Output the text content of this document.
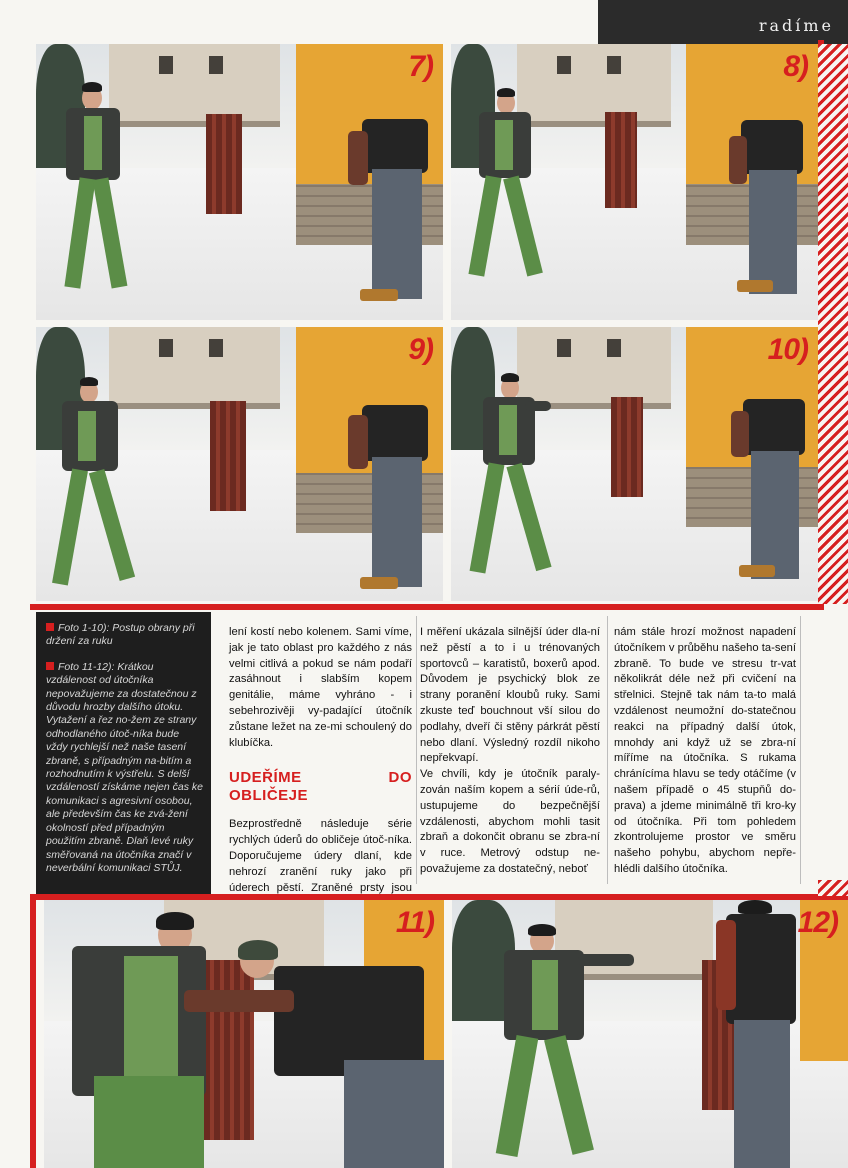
radíme
7)	8)
9)	10)

Foto 1-10): Postup obrany při držení za ruku

Foto 11-12): Krátkou vzdálenost od útočníka nepovažujeme za dostatečnou z důvodu hrozby dalšího útoku. Vytažení a řez no-žem ze strany odhodlaného útoč-níka bude vždy rychlejší než naše tasení zbraně, s případným na-bitím a rozhodnutím k výstřelu. S delší vzdáleností získáme nejen čas ke komunikaci s agresivní osobou, ale především čas ke zvá-žení okolností před případným použitím zbraně. Dlaň levé ruky směřovaná na útočníka značí v neverbální komunikaci STŮJ.

lení kostí nebo kolenem. Sami víme, jak je tato oblast pro každého z nás velmi citlivá a pokud se nám podaří zasáhnout i slabším kopem genitálie, máme vyhráno - i sebehrozivěji vy-padající útočník zůstane ležet na ze-mi schoulený do klubíčka.

UDEŘÍME DO OBLIČEJE

Bezprostředně následuje série rychlých úderů do obličeje útoč-níka. Doporučujeme údery dlaní, kde nehrozí zranění ruky jako při úderech pěstí. Zraněné prsty jsou

I měření ukázala silnější úder dla-ní než pěstí a to i u trénovaných sportovců – karatistů, boxerů apod. Důvodem je psychický blok ze strany poranění kloubů ruky. Sami zkuste teď bouchnout vší silou do podlahy, dveří či stěny párkrát pěstí nebo dlaní. Výsledný rozdíl nikoho nepřekvapí.

Ve chvíli, kdy je útočník paraly-zován naším kopem a sérií úde-rů, ustupujeme do bezpečnější vzdálenosti, abychom mohli tasit zbraň a dokončit obranu se zbra-ní v ruce. Metrový odstup ne-považujeme za dostatečný, neboť

nám stále hrozí možnost napadení útočníkem v průběhu našeho ta-sení zbraně. To bude ve stresu tr-vat několikrát déle než při cvičení na střelnici. Stejně tak nám ta-to malá vzdálenost neumožní do-statečnou reakci na případný další útok, mnohdy ani když už se zbra-ní míříme na útočníka. S rukama chránícíma hlavu se tedy otáčíme (v našem případě o 45 stupňů do-prava) a jdeme minimálně tři kro-ky od útočníka. Při tom pohledem zkontrolujeme prostor ve směru našeho pohybu, abychom nepře-hlédli dalšího útočníka.

11)	12)
